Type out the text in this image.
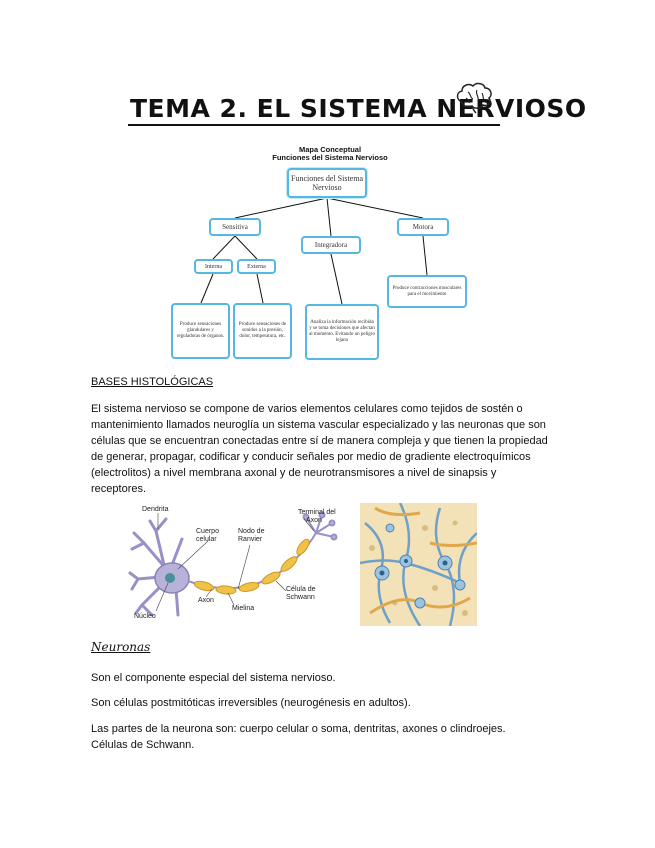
TEMA 2. EL SISTEMA NERVIOSO
Mapa Conceptual
Funciones del Sistema Nervioso
Funciones del Sistema Nervioso
Sensitiva
Integradora
Motora
Interna	Externa
Produce contracciones musculares para el movimiento
Produce sensaciones glandulares y reguladoras de órganos.
Produce sensaciones de sonidos a la presión, dolor, temperatura, etc.
Analiza la información recibida y se toma decisiones que afectan al momento. Evitando un peligro lejano
BASES HISTOLÓGICAS
El sistema nervioso se compone de varios elementos celulares como tejidos de sostén o mantenimiento llamados neuroglía un sistema vascular especializado y las neuronas que son células que se encuentran conectadas entre sí de manera compleja y que tienen la propiedad de generar, propagar, codificar y conducir señales por medio de gradiente electroquímicos (electrolitos) a nivel membrana axonal y de neurotransmisores a nivel de sinapsis y receptores.
Dendrita
Cuerpo
celular
Nodo de
Ranvier
Terminal del
Axon
Axon
Célula de
Schwann
Mielina
Núcleo
Neuronas
Son el componente especial del sistema nervioso.
Son células postmitóticas irreversibles (neurogénesis en adultos).
Las partes de la neurona son: cuerpo celular o soma, dentritas, axones o clindroejes.
Células de Schwann.
